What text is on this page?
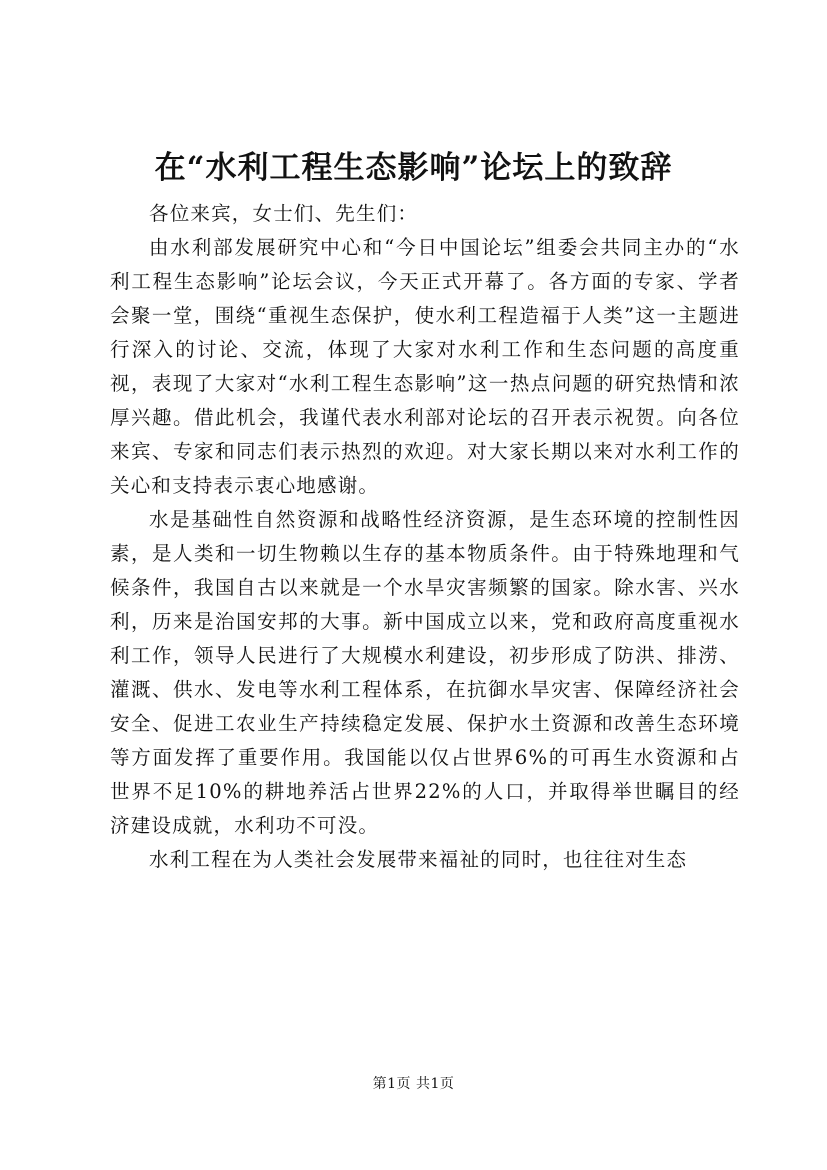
在“水利工程生态影响”论坛上的致辞

各位来宾，女士们、先生们：

由水利部发展研究中心和“今日中国论坛”组委会共同主办的“水利工程生态影响”论坛会议，今天正式开幕了。各方面的专家、学者会聚一堂，围绕“重视生态保护，使水利工程造福于人类”这一主题进行深入的讨论、交流，体现了大家对水利工作和生态问题的高度重视，表现了大家对“水利工程生态影响”这一热点问题的研究热情和浓厚兴趣。借此机会，我谨代表水利部对论坛的召开表示祝贺。向各位来宾、专家和同志们表示热烈的欢迎。对大家长期以来对水利工作的关心和支持表示衷心地感谢。

水是基础性自然资源和战略性经济资源，是生态环境的控制性因素，是人类和一切生物赖以生存的基本物质条件。由于特殊地理和气候条件，我国自古以来就是一个水旱灾害频繁的国家。除水害、兴水利，历来是治国安邦的大事。新中国成立以来，党和政府高度重视水利工作，领导人民进行了大规模水利建设，初步形成了防洪、排涝、灌溉、供水、发电等水利工程体系，在抗御水旱灾害、保障经济社会安全、促进工农业生产持续稳定发展、保护水土资源和改善生态环境等方面发挥了重要作用。我国能以仅占世界6%的可再生水资源和占世界不足10%的耕地养活占世界22%的人口，并取得举世瞩目的经济建设成就，水利功不可没。

水利工程在为人类社会发展带来福祉的同时，也往往对生态

第1页 共1页
